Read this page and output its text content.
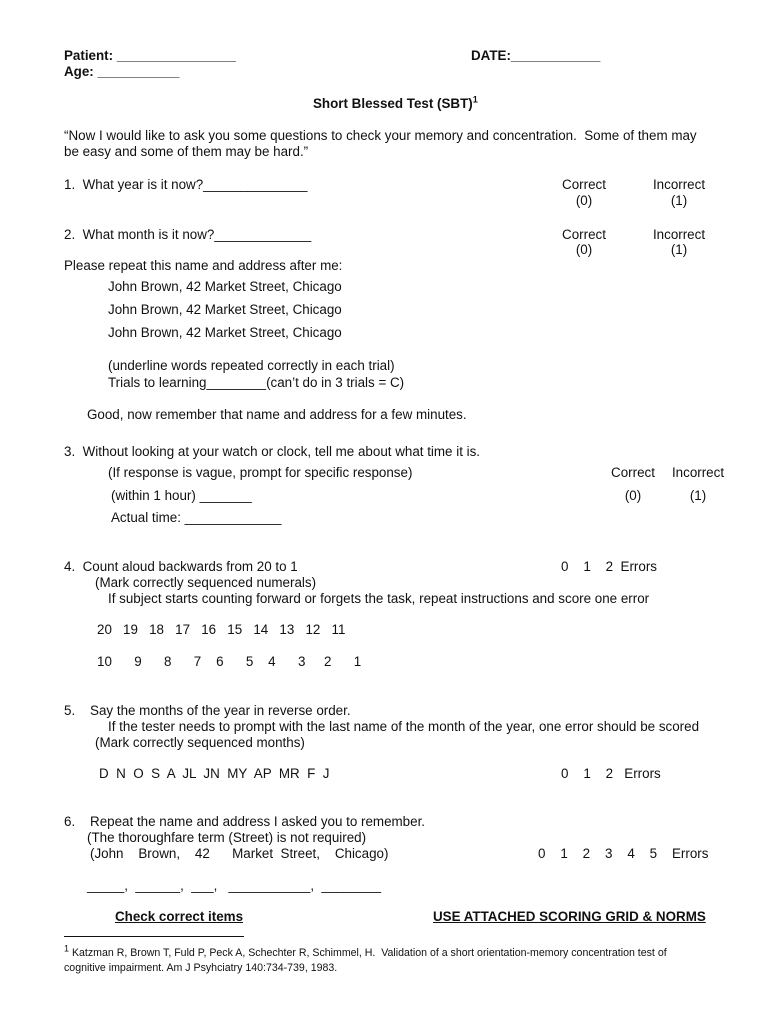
Patient: ________________	DATE:____________
Age: ___________
Short Blessed Test (SBT)$^1$
“Now I would like to ask you some questions to check your memory and concentration.  Some of them may
be easy and some of them may be hard.”
1.  What year is it now?______________	Correct
(0)
Incorrect
(1)
2.  What month is it now?_____________	Correct
(0)
Incorrect
(1)
Please repeat this name and address after me:
John Brown, 42 Market Street, Chicago
John Brown, 42 Market Street, Chicago
John Brown, 42 Market Street, Chicago
(underline words repeated correctly in each trial)
Trials to learning________(can’t do in 3 trials = C)
Good, now remember that name and address for a few minutes.
3.  Without looking at your watch or clock, tell me about what time it is.
(If response is vague, prompt for specific response)	Correct	Incorrect
(within 1 hour) _______	(0)	(1)
Actual time: _____________
4.  Count aloud backwards from 20 to 1	0    1    2  Errors
(Mark correctly sequenced numerals)
If subject starts counting forward or forgets the task, repeat instructions and score one error
20   19   18   17   16   15   14   13   12   11
10      9      8      7    6      5    4      3     2      1
5.    Say the months of the year in reverse order.
If the tester needs to prompt with the last name of the month of the year, one error should be scored
(Mark correctly sequenced months)
D  N  O  S  A  JL  JN  MY  AP  MR  F  J	0    1    2   Errors
6.    Repeat the name and address I asked you to remember.
(The thoroughfare term (Street) is not required)
(John    Brown,    42      Market  Street,    Chicago)	0    1    2    3    4    5    Errors
_____,  ______,  ___,   ___________,  ________
Check correct items	USE ATTACHED SCORING GRID & NORMS
$^1$ Katzman R, Brown T, Fuld P, Peck A, Schechter R, Schimmel, H.  Validation of a short orientation-memory concentration test of
cognitive impairment. Am J Psyhciatry 140:734-739, 1983.
